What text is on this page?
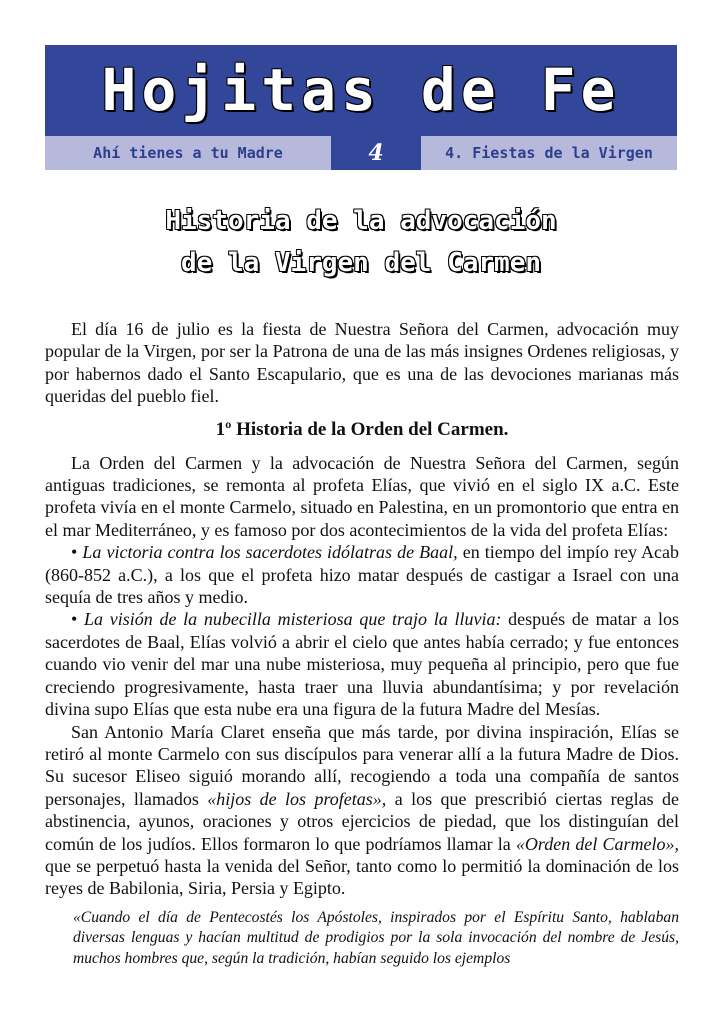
Hojitas de Fe
Ahí tienes a tu Madre	4	4. Fiestas de la Virgen
Historia de la advocación
de la Virgen del Carmen

El día 16 de julio es la fiesta de Nuestra Señora del Carmen, advocación muy popular de la Virgen, por ser la Patrona de una de las más insignes Ordenes religiosas, y por habernos dado el Santo Escapulario, que es una de las devociones marianas más queridas del pueblo fiel.

1º Historia de la Orden del Carmen.

La Orden del Carmen y la advocación de Nuestra Señora del Carmen, según antiguas tradiciones, se remonta al profeta Elías, que vivió en el siglo IX a.C. Este profeta vivía en el monte Carmelo, situado en Palestina, en un promontorio que entra en el mar Mediterráneo, y es famoso por dos acontecimientos de la vida del profeta Elías:

• La victoria contra los sacerdotes idólatras de Baal, en tiempo del impío rey Acab (860-852 a.C.), a los que el profeta hizo matar después de castigar a Israel con una sequía de tres años y medio.

• La visión de la nubecilla misteriosa que trajo la lluvia: después de matar a los sacerdotes de Baal, Elías volvió a abrir el cielo que antes había cerrado; y fue entonces cuando vio venir del mar una nube misteriosa, muy pequeña al principio, pero que fue creciendo progresivamente, hasta traer una lluvia abundantísima; y por revelación divina supo Elías que esta nube era una figura de la futura Madre del Mesías.

San Antonio María Claret enseña que más tarde, por divina inspiración, Elías se retiró al monte Carmelo con sus discípulos para venerar allí a la futura Madre de Dios. Su sucesor Eliseo siguió morando allí, recogiendo a toda una compañía de santos personajes, llamados «hijos de los profetas», a los que prescribió ciertas reglas de abstinencia, ayunos, oraciones y otros ejercicios de piedad, que los distinguían del común de los judíos. Ellos formaron lo que podríamos llamar la «Orden del Carmelo», que se perpetuó hasta la venida del Señor, tanto como lo permitió la dominación de los reyes de Babilonia, Siria, Persia y Egipto.

«Cuando el día de Pentecostés los Apóstoles, inspirados por el Espíritu Santo, hablaban diversas lenguas y hacían multitud de prodigios por la sola invocación del nombre de Jesús, muchos hombres que, según la tradición, habían seguido los ejemplos
